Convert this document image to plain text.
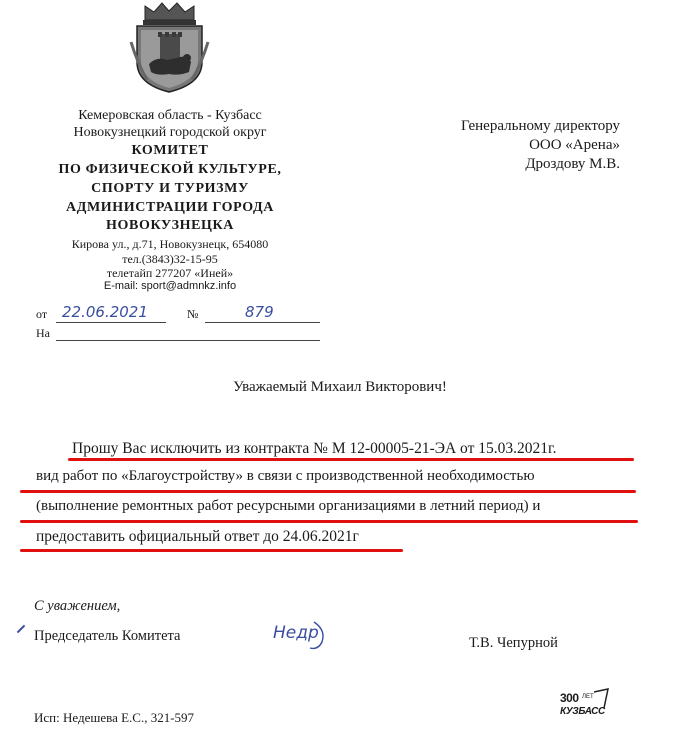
Кемеровская область - Кузбасс
Новокузнецкий городской округ
КОМИТЕТ
ПО ФИЗИЧЕСКОЙ КУЛЬТУРЕ,
СПОРТУ И ТУРИЗМУ
АДМИНИСТРАЦИИ ГОРОДА
НОВОКУЗНЕЦКА
Кирова ул., д.71, Новокузнецк, 654080
тел.(3843)32-15-95
телетайп 277207 «Иней»
E-mail: sport@admnkz.info
Генеральному директору
ООО «Арена»
Дроздову М.В.
от 22.06.2021	№	879
На
Уважаемый Михаил Викторович!
Прошу Вас исключить из контракта № М 12-00005-21-ЭА от 15.03.2021г.
вид работ по «Благоустройству» в связи с производственной необходимостью
(выполнение ремонтных работ ресурсными организациями в летний период) и
предоставить официальный ответ до 24.06.2021г
С уважением,
Председатель Комитета	Недр	Т.В. Чепурной
300 ЛЕТ
КУЗБАСС
Исп: Недешева Е.С., 321-597
